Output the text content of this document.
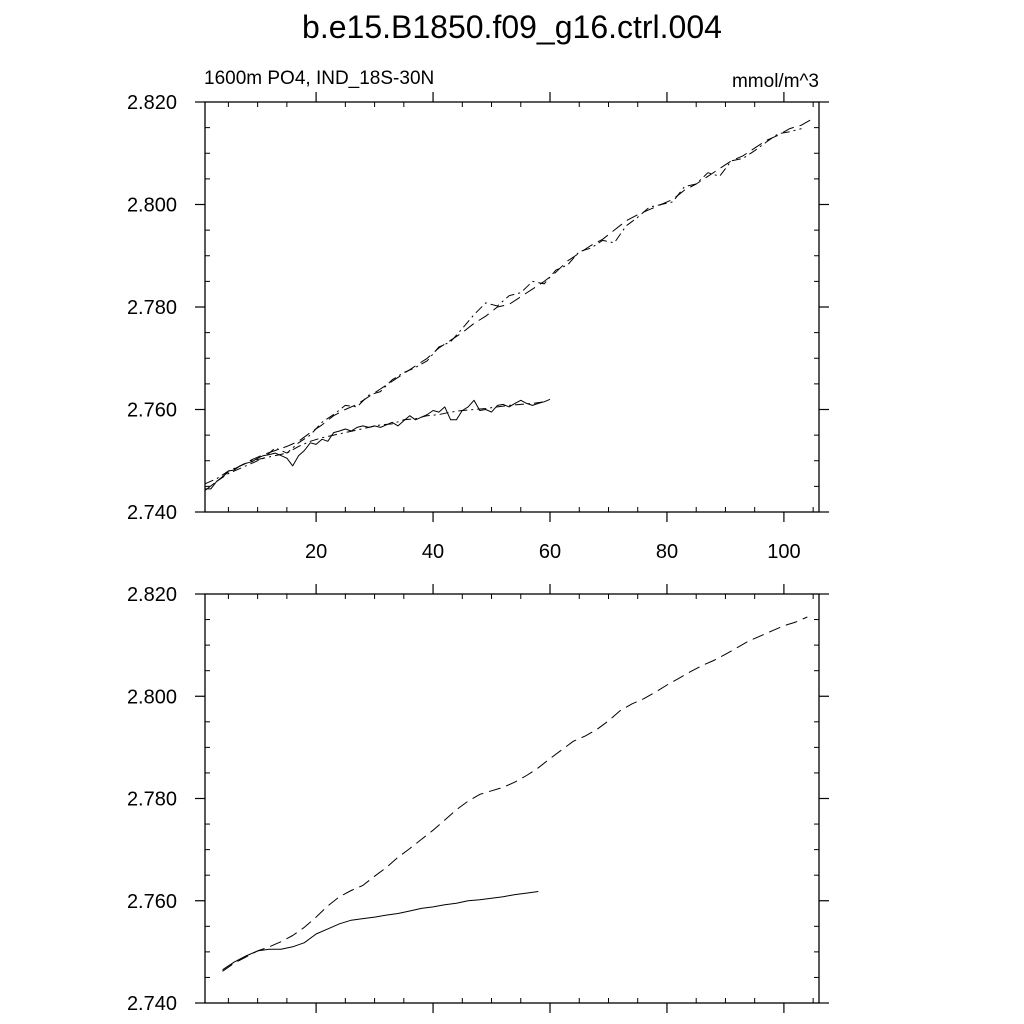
b.e15.B1850.f09_g16.ctrl.004
1600m PO4, IND_18S-30N	mmol/m^3
20	40	60	80	100
2.740
2.760
2.780
2.800
2.820
2.740
2.760
2.780
2.800
2.820
